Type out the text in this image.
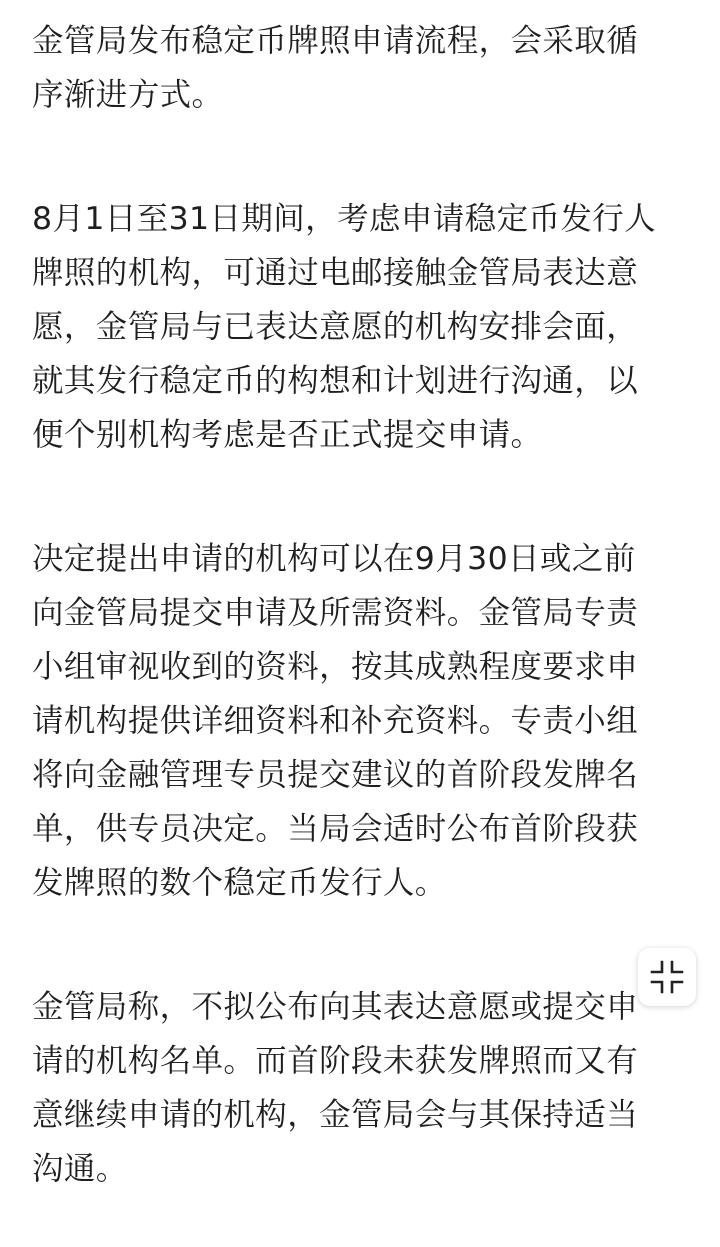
金管局发布稳定币牌照申请流程，会采取循
序渐进方式。

8月1日至31日期间，考虑申请稳定币发行人
牌照的机构，可通过电邮接触金管局表达意
愿，金管局与已表达意愿的机构安排会面，
就其发行稳定币的构想和计划进行沟通，以
便个别机构考虑是否正式提交申请。

决定提出申请的机构可以在9月30日或之前
向金管局提交申请及所需资料。金管局专责
小组审视收到的资料，按其成熟程度要求申
请机构提供详细资料和补充资料。专责小组
将向金融管理专员提交建议的首阶段发牌名
单，供专员决定。当局会适时公布首阶段获
发牌照的数个稳定币发行人。

金管局称，不拟公布向其表达意愿或提交申
请的机构名单。而首阶段未获发牌照而又有
意继续申请的机构，金管局会与其保持适当
沟通。
